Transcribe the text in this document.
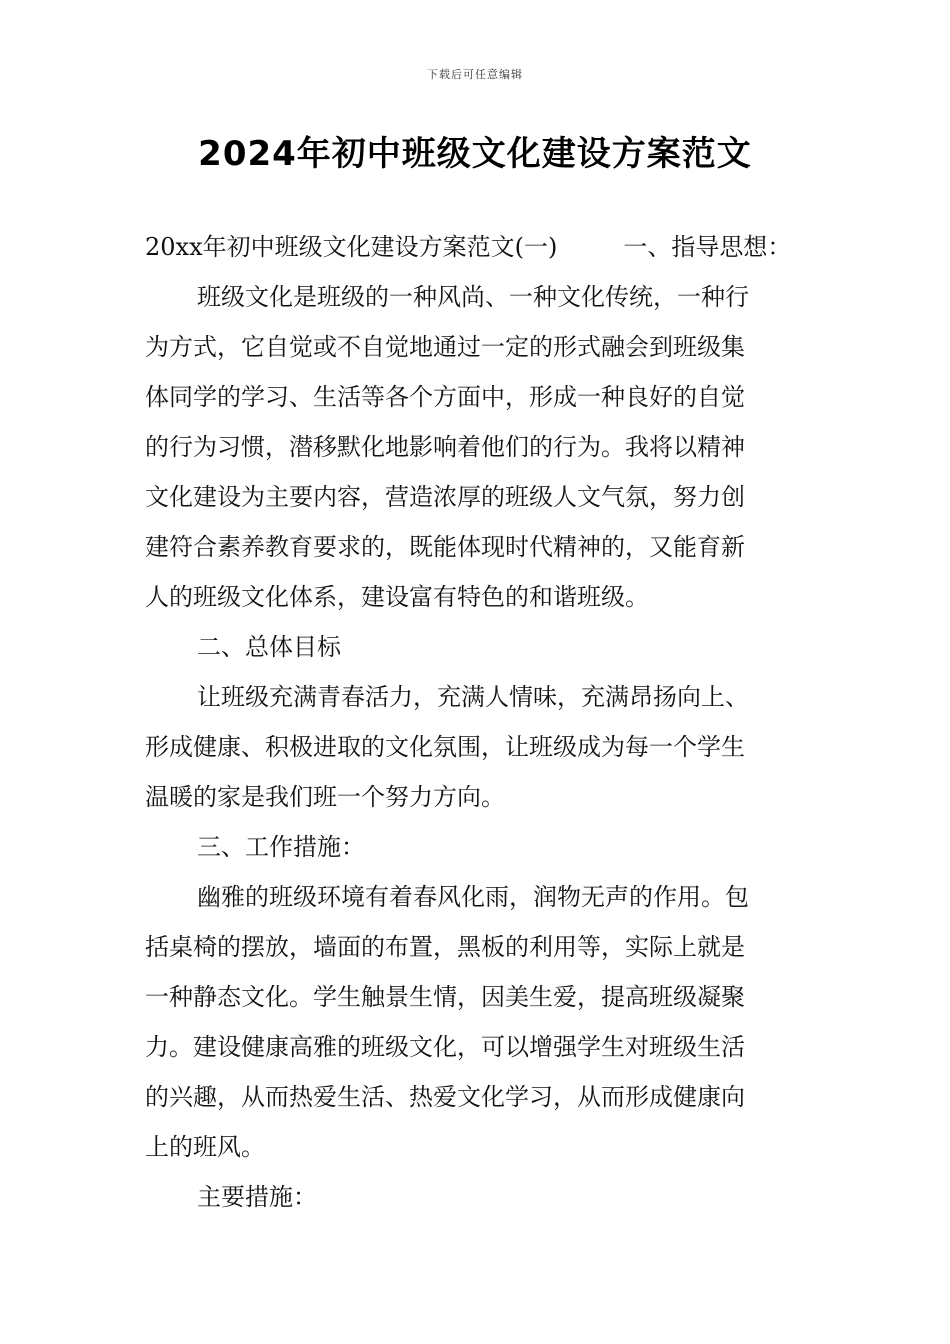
下载后可任意编辑
2024年初中班级文化建设方案范文
20xx年初中班级文化建设方案范文(一)	一、指导思想：
班级文化是班级的一种风尚、一种文化传统，一种行
为方式，它自觉或不自觉地通过一定的形式融会到班级集
体同学的学习、生活等各个方面中，形成一种良好的自觉
的行为习惯，潜移默化地影响着他们的行为。我将以精神
文化建设为主要内容，营造浓厚的班级人文气氛，努力创
建符合素养教育要求的，既能体现时代精神的，又能育新
人的班级文化体系，建设富有特色的和谐班级。
二、总体目标
让班级充满青春活力，充满人情味，充满昂扬向上、
形成健康、积极进取的文化氛围，让班级成为每一个学生
温暖的家是我们班一个努力方向。
三、工作措施：
幽雅的班级环境有着春风化雨，润物无声的作用。包
括桌椅的摆放，墙面的布置，黑板的利用等，实际上就是
一种静态文化。学生触景生情，因美生爱，提高班级凝聚
力。建设健康高雅的班级文化，可以增强学生对班级生活
的兴趣，从而热爱生活、热爱文化学习，从而形成健康向
上的班风。
主要措施：
